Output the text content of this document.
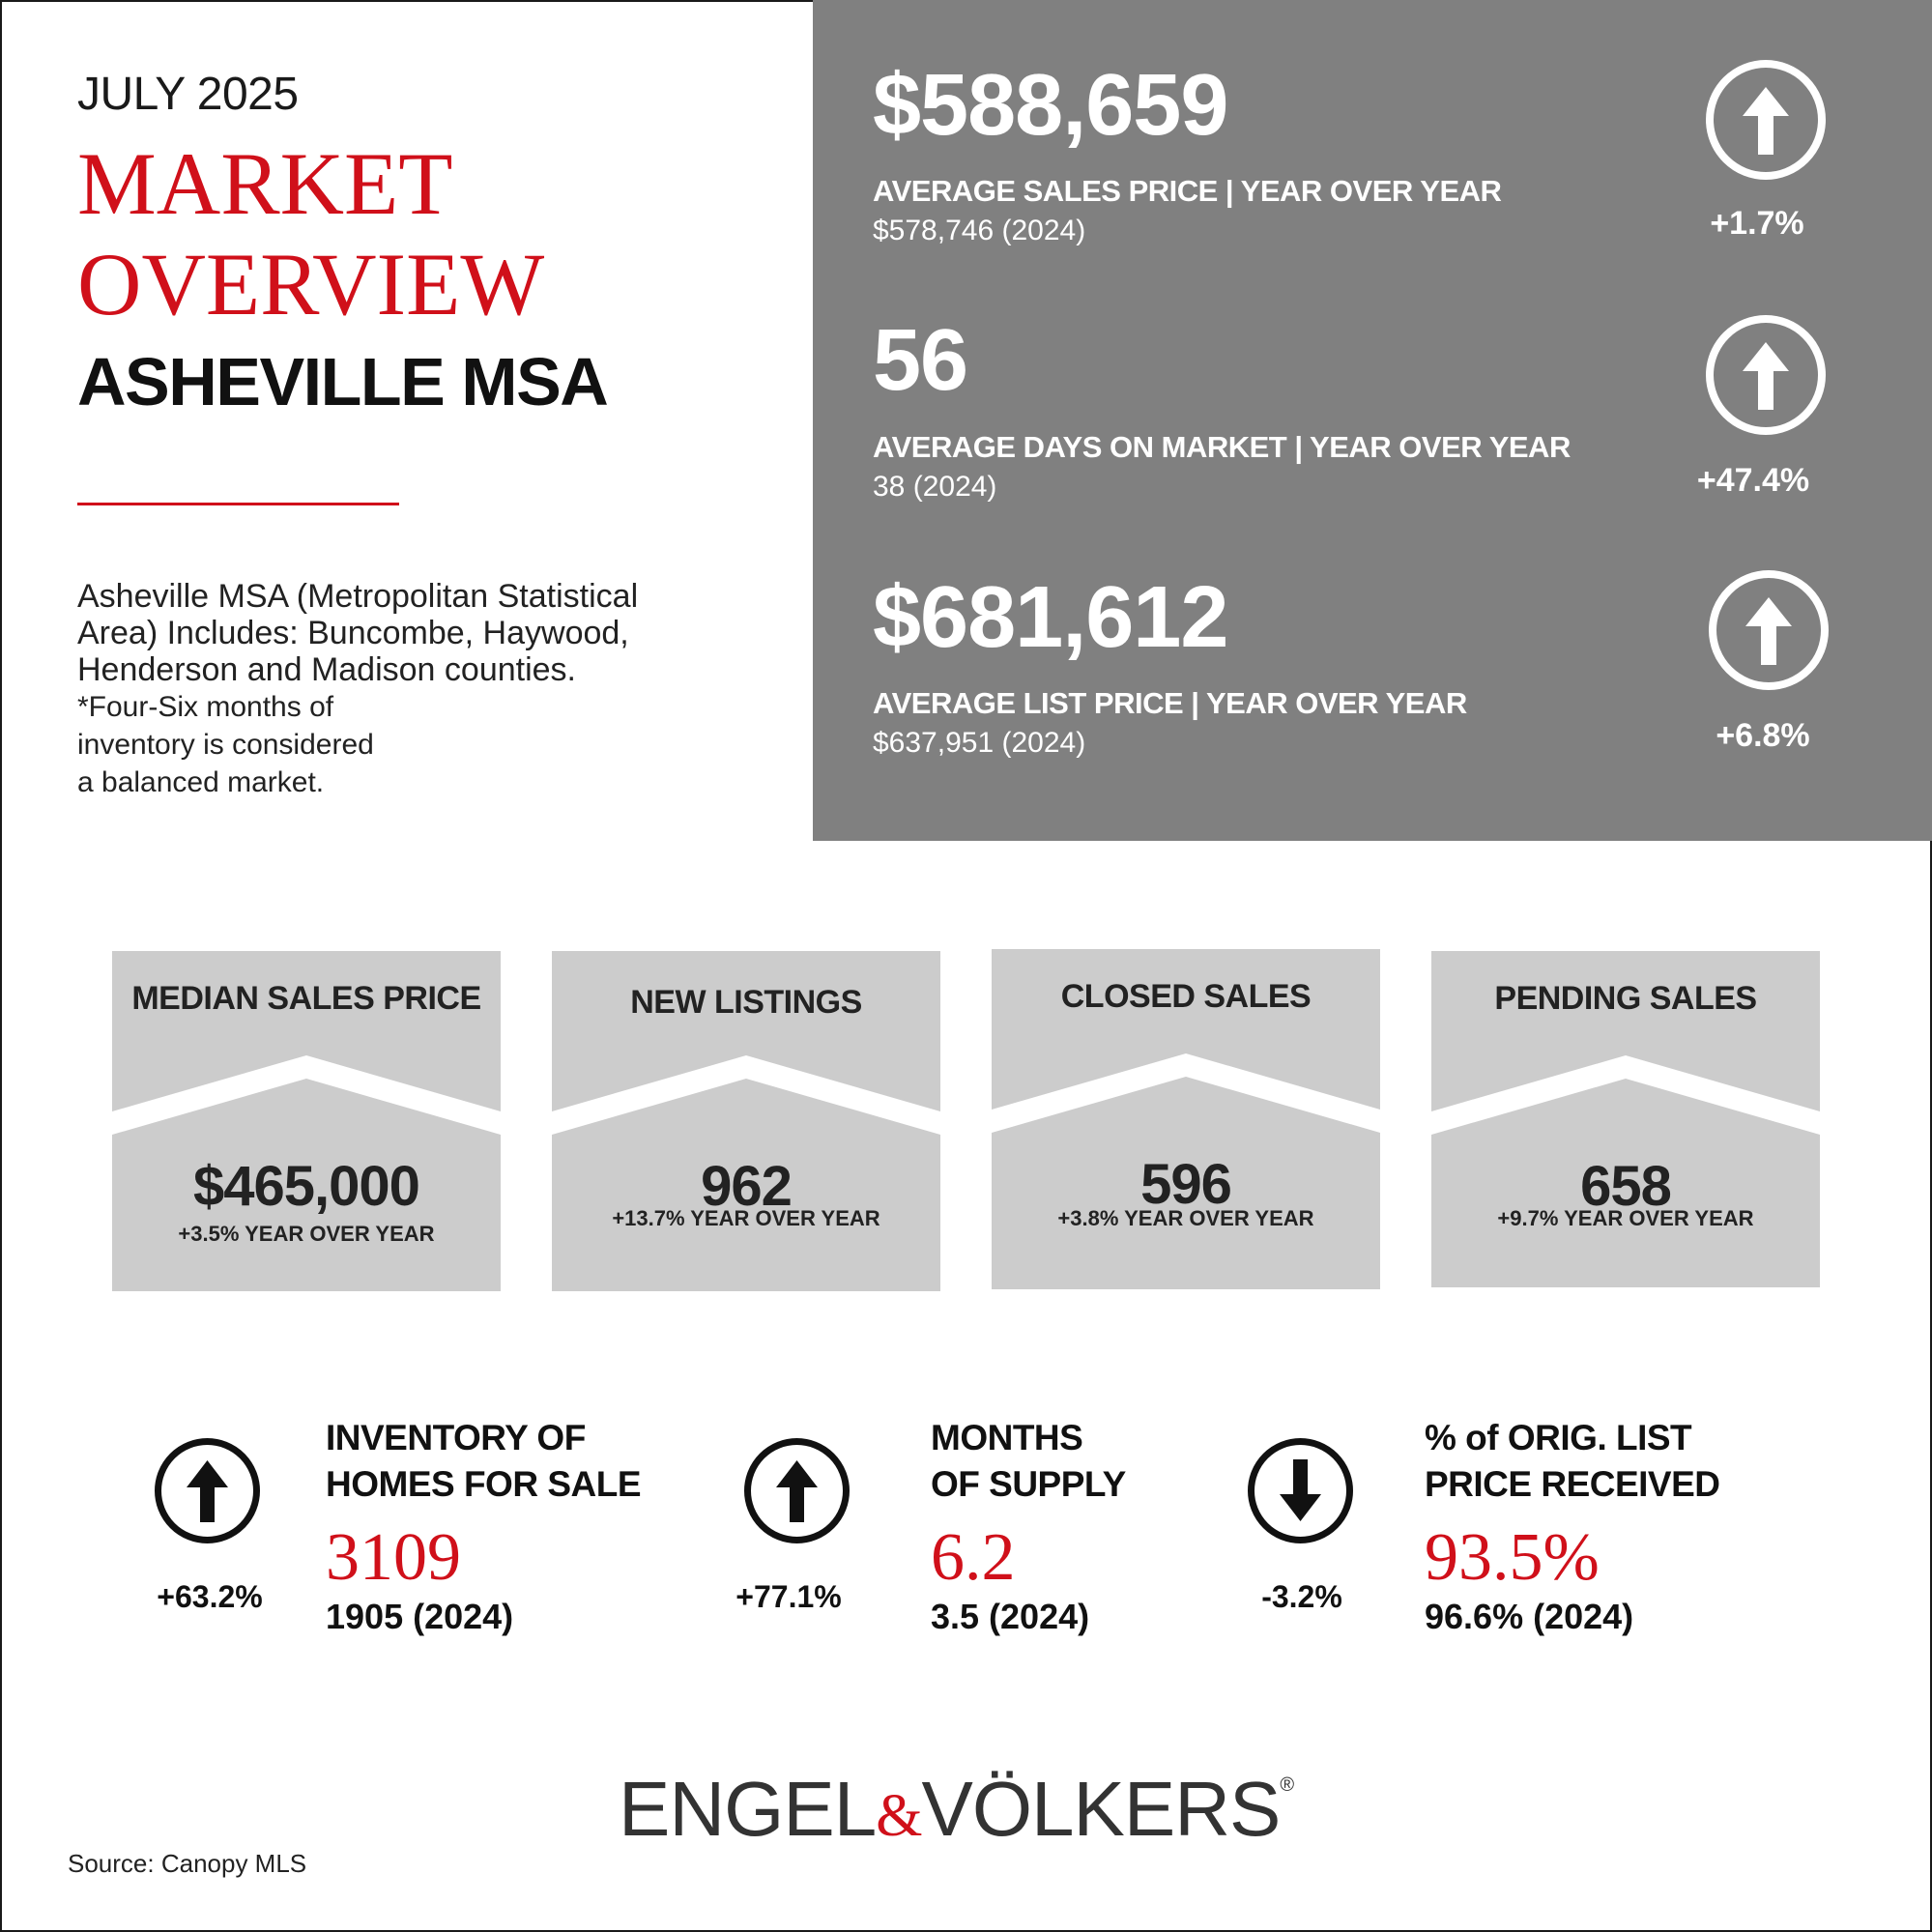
JULY 2025
MARKET
OVERVIEW
ASHEVILLE MSA
Asheville MSA (Metropolitan Statistical Area) Includes: Buncombe, Haywood, Henderson and Madison counties.
*Four-Six months of
inventory is considered
a balanced market.
$588,659
AVERAGE SALES PRICE | YEAR OVER YEAR
$578,746 (2024)	+1.7%
56
AVERAGE DAYS ON MARKET | YEAR OVER YEAR
38 (2024)	+47.4%
$681,612
AVERAGE LIST PRICE | YEAR OVER YEAR
$637,951 (2024)	+6.8%
MEDIAN SALES PRICE
$465,000
+3.5% YEAR OVER YEAR
NEW LISTINGS
962
+13.7% YEAR OVER YEAR
CLOSED SALES
596
+3.8% YEAR OVER YEAR
PENDING SALES
658
+9.7% YEAR OVER YEAR
+63.2%
INVENTORY OF
HOMES FOR SALE
3109
1905 (2024)	+77.1%
MONTHS
OF SUPPLY
6.2
3.5 (2024)	-3.2%
% of ORIG. LIST
PRICE RECEIVED
93.5%
96.6% (2024)
ENGEL&VÖLKERS®
Source: Canopy MLS
